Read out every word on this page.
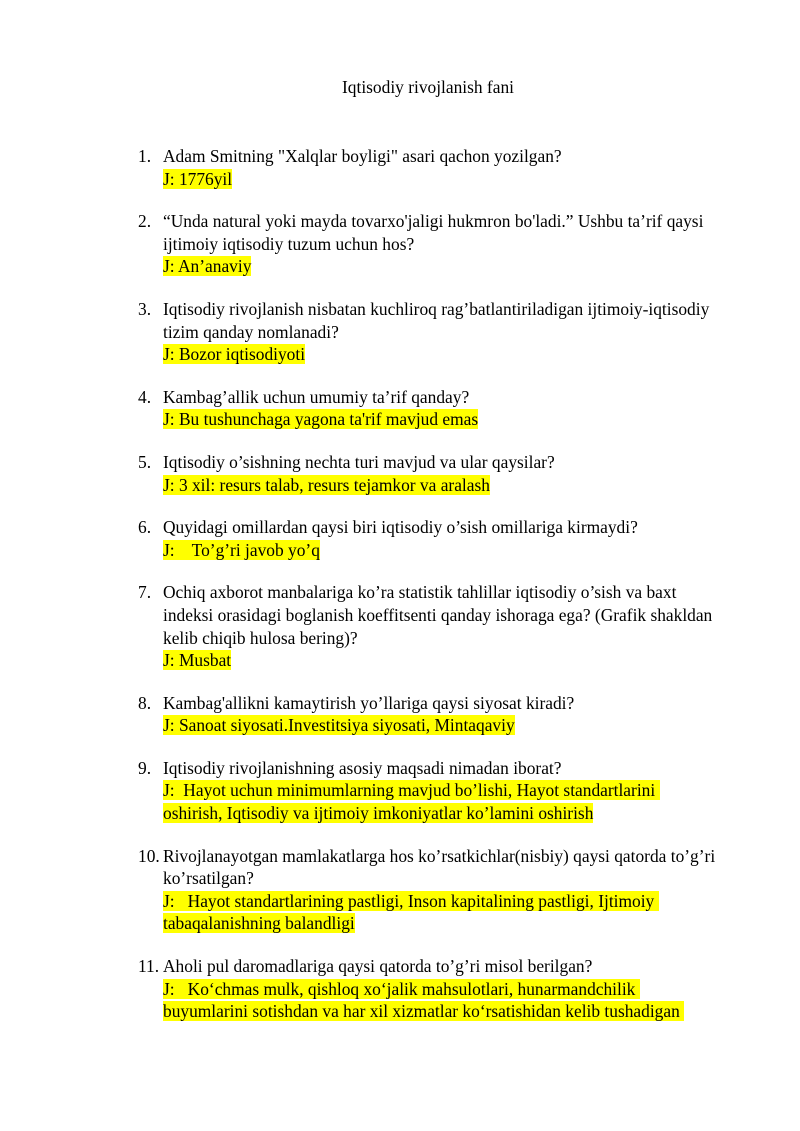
Iqtisodiy rivojlanish fani
1. Adam Smitning "Xalqlar boyligi" asari qachon yozilgan?
J: 1776yil
2. “Unda natural yoki mayda tovarxo'jaligi hukmron bo'ladi.” Ushbu ta’rif qaysi ijtimoiy iqtisodiy tuzum uchun hos?
J: An’anaviy
3. Iqtisodiy rivojlanish nisbatan kuchliroq rag’batlantiriladigan ijtimoiy-iqtisodiy tizim qanday nomlanadi?
J: Bozor iqtisodiyoti
4. Kambag’allik uchun umumiy ta’rif qanday?
J: Bu tushunchaga yagona ta'rif mavjud emas
5. Iqtisodiy o’sishning nechta turi mavjud va ular qaysilar?
J: 3 xil: resurs talab, resurs tejamkor va aralash
6. Quyidagi omillardan qaysi biri iqtisodiy o’sish omillariga kirmaydi?
J:    To’g’ri javob yo’q
7. Ochiq axborot manbalariga ko’ra statistik tahlillar iqtisodiy o’sish va baxt indeksi orasidagi boglanish koeffitsenti qanday ishoraga ega? (Grafik shakldan kelib chiqib hulosa bering)?
J: Musbat
8. Kambag'allikni kamaytirish yo’llariga qaysi siyosat kiradi?
J: Sanoat siyosati.Investitsiya siyosati, Mintaqaviy
9. Iqtisodiy rivojlanishning asosiy maqsadi nimadan iborat?
J:  Hayot uchun minimumlarning mavjud bo’lishi, Hayot standartlarini
oshirish, Iqtisodiy va ijtimoiy imkoniyatlar ko’lamini oshirish
10. Rivojlanayotgan mamlakatlarga hos ko’rsatkichlar(nisbiy) qaysi qatorda to’g’ri ko’rsatilgan?
J:   Hayot standartlarining pastligi, Inson kapitalining pastligi, Ijtimoiy
tabaqalanishning balandligi
11. Aholi pul daromadlariga qaysi qatorda to’g’ri misol berilgan?
J:   Ko‘chmas mulk, qishloq xo‘jalik mahsulotlari, hunarmandchilik
buyumlarini sotishdan va har xil xizmatlar ko‘rsatishidan kelib tushadigan
